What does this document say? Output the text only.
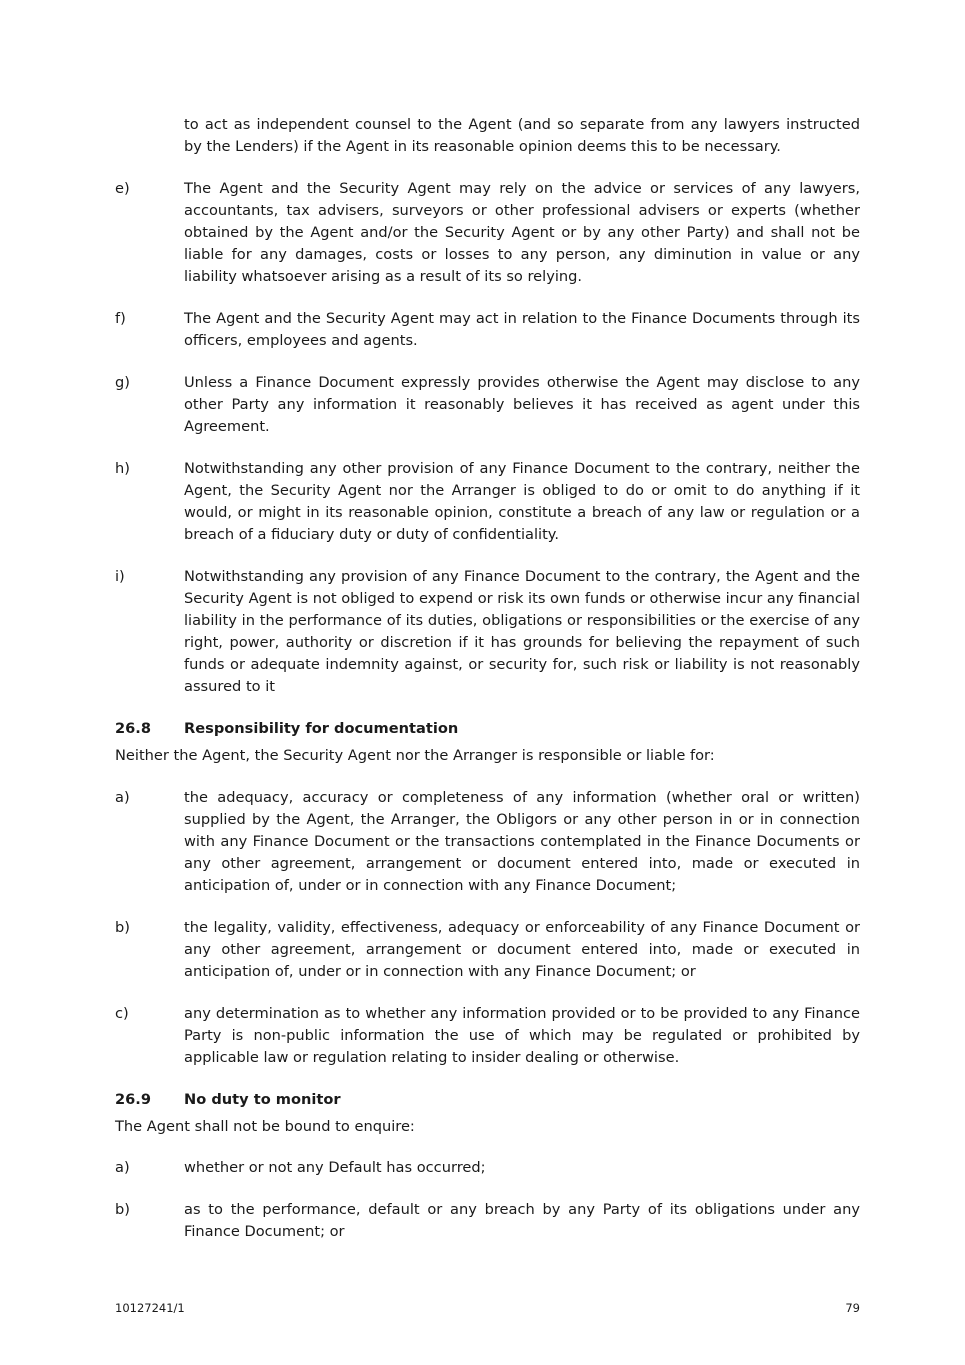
to act as independent counsel to the Agent (and so separate from any lawyers instructed by the Lenders) if the Agent in its reasonable opinion deems this to be necessary.

e)	The Agent and the Security Agent may rely on the advice or services of any lawyers, accountants, tax advisers, surveyors or other professional advisers or experts (whether obtained by the Agent and/or the Security Agent or by any other Party) and shall not be liable for any damages, costs or losses to any person, any diminution in value or any liability whatsoever arising as a result of its so relying.

f)	The Agent and the Security Agent may act in relation to the Finance Documents through its officers, employees and agents.

g)	Unless a Finance Document expressly provides otherwise the Agent may disclose to any other Party any information it reasonably believes it has received as agent under this Agreement.

h)	Notwithstanding any other provision of any Finance Document to the contrary, neither the Agent, the Security Agent nor the Arranger is obliged to do or omit to do anything if it would, or might in its reasonable opinion, constitute a breach of any law or regulation or a breach of a fiduciary duty or duty of confidentiality.

i)	Notwithstanding any provision of any Finance Document to the contrary, the Agent and the Security Agent is not obliged to expend or risk its own funds or otherwise incur any financial liability in the performance of its duties, obligations or responsibilities or the exercise of any right, power, authority or discretion if it has grounds for believing the repayment of such funds or adequate indemnity against, or security for, such risk or liability is not reasonably assured to it

26.8 Responsibility for documentation

Neither the Agent, the Security Agent nor the Arranger is responsible or liable for:

a)	the adequacy, accuracy or completeness of any information (whether oral or written) supplied by the Agent, the Arranger, the Obligors or any other person in or in connection with any Finance Document or the transactions contemplated in the Finance Documents or any other agreement, arrangement or document entered into, made or executed in anticipation of, under or in connection with any Finance Document;

b)	the legality, validity, effectiveness, adequacy or enforceability of any Finance Document or any other agreement, arrangement or document entered into, made or executed in anticipation of, under or in connection with any Finance Document; or

c)	any determination as to whether any information provided or to be provided to any Finance Party is non-public information the use of which may be regulated or prohibited by applicable law or regulation relating to insider dealing or otherwise.

26.9 No duty to monitor

The Agent shall not be bound to enquire:

a)	whether or not any Default has occurred;

b)	as to the performance, default or any breach by any Party of its obligations under any Finance Document; or

10127241/1	79
